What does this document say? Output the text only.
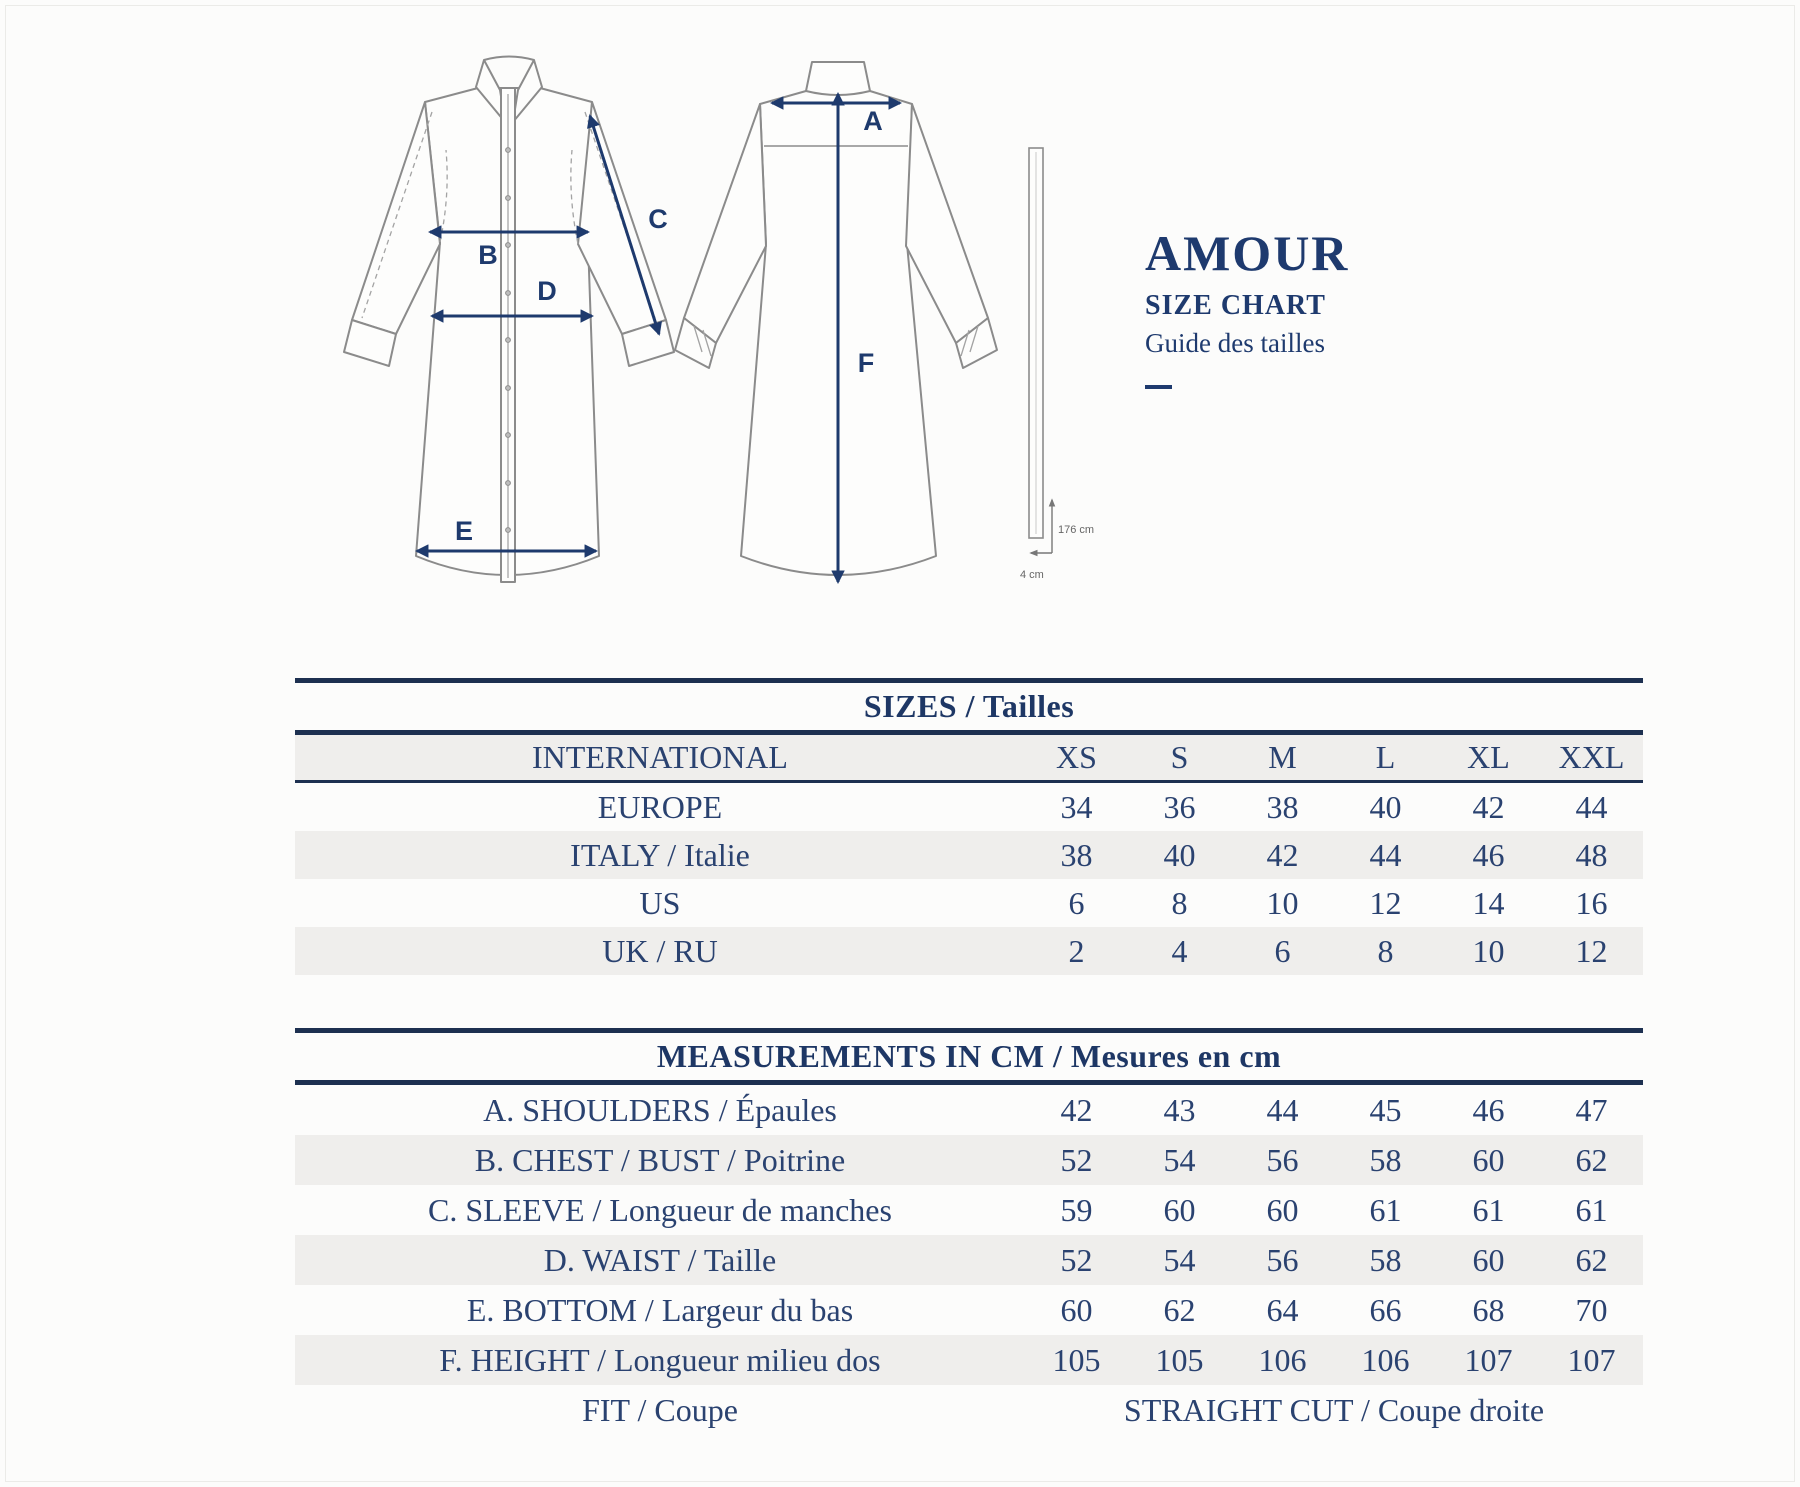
176 cm
4 cm
A
B
C
D
E
F
AMOUR
SIZE CHART
Guide des tailles
SIZES / Tailles
INTERNATIONAL	XS	S	M	L	XL	XXL
EUROPE	34	36	38	40	42	44
ITALY / Italie	38	40	42	44	46	48
US	6	8	10	12	14	16
UK / RU	2	4	6	8	10	12
MEASUREMENTS IN CM / Mesures en cm
A. SHOULDERS / Épaules	42	43	44	45	46	47
B. CHEST / BUST / Poitrine	52	54	56	58	60	62
C. SLEEVE / Longueur de manches	59	60	60	61	61	61
D. WAIST / Taille	52	54	56	58	60	62
E. BOTTOM / Largeur du bas	60	62	64	66	68	70
F. HEIGHT / Longueur milieu dos	105	105	106	106	107	107
FIT / Coupe	STRAIGHT CUT / Coupe droite
